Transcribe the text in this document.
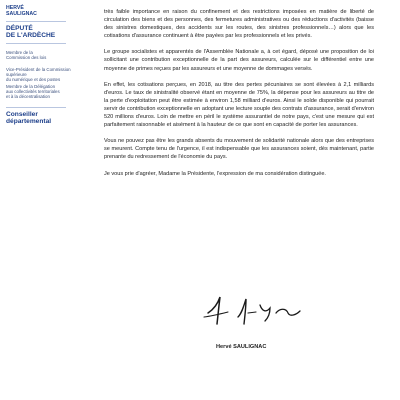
HERVÉ
SAULIGNAC

DÉPUTÉ
DE L'ARDÈCHE

Membre de la
Commission des lois

Vice-Président de la Commission supérieure
du numérique et des postes

Membre de la Délégation
aux collectivités territoriales
et à la décentralisation

Conseiller
départemental

très faible importance en raison du confinement et des restrictions imposées en matière de liberté de circulation des biens et des personnes, des fermetures administratives ou des réductions d'activités (baisse des sinistres domestiques, des accidents sur les routes, des sinistres professionnels…) alors que les cotisations d'assurance continuent à être payées par les professionnels et les privés.

Le groupe socialistes et apparentés de l'Assemblée Nationale a, à cet égard, déposé une proposition de loi sollicitant une contribution exceptionnelle de la part des assureurs, calculée sur le différentiel entre une moyenne de primes reçues par les assureurs et une moyenne de dommages versés.

En effet, les cotisations perçues, en 2018, au titre des pertes pécuniaires se sont élevées à 2,1 milliards d'euros. Le taux de sinistralité observé étant en moyenne de 75%, la dépense pour les assureurs au titre de la perte d'exploitation peut être estimée à environ 1,58 milliard d'euros. Ainsi le solde disponible qui pourrait servir de contribution exceptionnelle en adoptant une lecture souple des contrats d'assurance, serait d'environ 520 millions d'euros. Loin de mettre en péril le système assurantiel de notre pays, c'est une mesure qui est parfaitement raisonnable et aisément à la hauteur de ce que sont en capacité de porter les assurances.

Vous ne pouvez pas être les grands absents du mouvement de solidarité nationale alors que des entreprises se meurent. Compte tenu de l'urgence, il est indispensable que les assurances soient, dès maintenant, partie prenante du redressement de l'économie du pays.

Je vous prie d'agréer, Madame la Présidente, l'expression de ma considération distinguée.

Hervé SAULIGNAC
